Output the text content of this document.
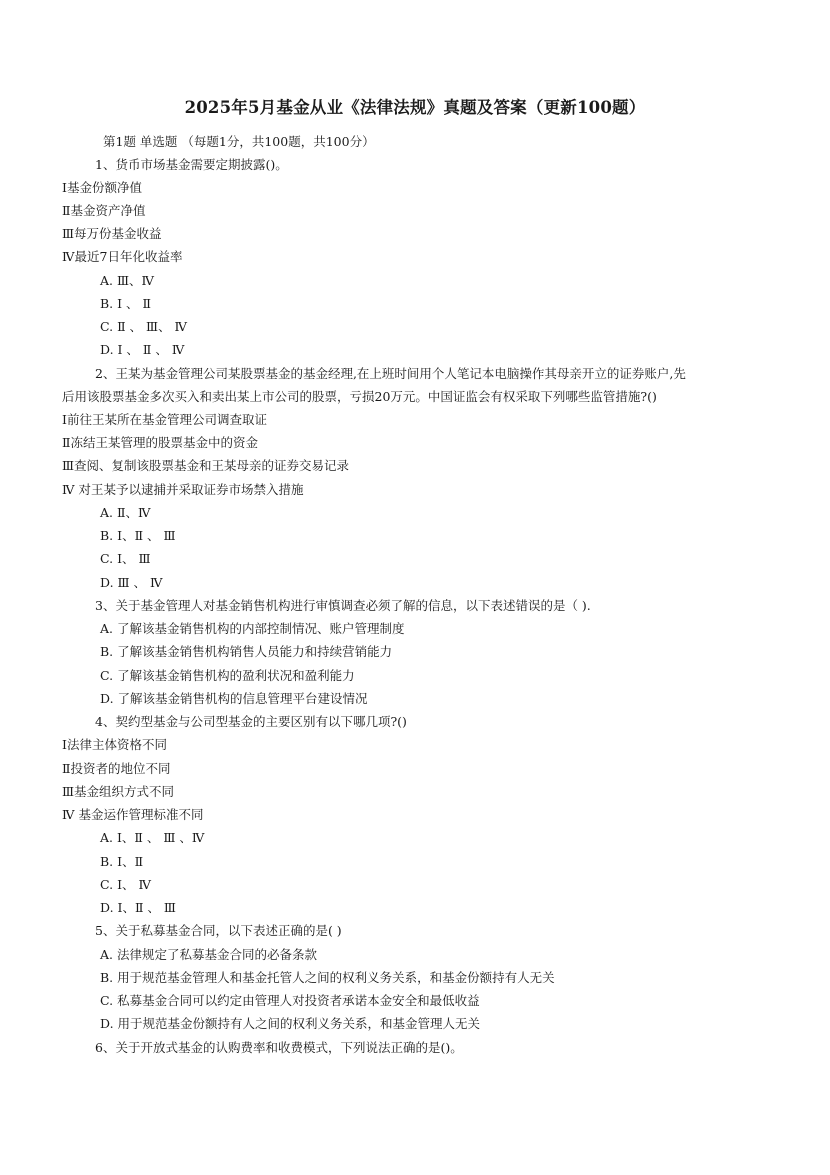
2025年5月基金从业《法律法规》真题及答案（更新100题）
第1题 单选题 （每题1分，共100题，共100分）
1、货币市场基金需要定期披露()。
Ⅰ基金份额净值
Ⅱ基金资产净值
Ⅲ每万份基金收益
Ⅳ最近7日年化收益率
A. Ⅲ、Ⅳ
B. Ⅰ 、 Ⅱ
C. Ⅱ 、 Ⅲ、 Ⅳ
D. Ⅰ 、 Ⅱ 、 Ⅳ
2、王某为基金管理公司某股票基金的基金经理,在上班时间用个人笔记本电脑操作其母亲开立的证券账户,先
后用该股票基金多次买入和卖出某上市公司的股票，亏损20万元。中国证监会有权采取下列哪些监管措施?()
Ⅰ前往王某所在基金管理公司调查取证
Ⅱ冻结王某管理的股票基金中的资金
Ⅲ查阅、复制该股票基金和王某母亲的证券交易记录
Ⅳ 对王某予以逮捕并采取证券市场禁入措施
A. Ⅱ、Ⅳ
B. Ⅰ、Ⅱ 、 Ⅲ
C. Ⅰ、 Ⅲ
D. Ⅲ 、 Ⅳ
3、关于基金管理人对基金销售机构进行审慎调查必须了解的信息，以下表述错误的是（ ).
A. 了解该基金销售机构的内部控制情况、账户管理制度
B. 了解该基金销售机构销售人员能力和持续营销能力
C. 了解该基金销售机构的盈利状况和盈利能力
D. 了解该基金销售机构的信息管理平台建设情况
4、契约型基金与公司型基金的主要区别有以下哪几项?()
Ⅰ法律主体资格不同
Ⅱ投资者的地位不同
Ⅲ基金组织方式不同
Ⅳ 基金运作管理标准不同
A. Ⅰ、Ⅱ 、 Ⅲ 、Ⅳ
B. Ⅰ、Ⅱ
C. Ⅰ、 Ⅳ
D. Ⅰ、Ⅱ 、 Ⅲ
5、关于私募基金合同，以下表述正确的是( )
A. 法律规定了私募基金合同的必备条款
B. 用于规范基金管理人和基金托管人之间的权利义务关系，和基金份额持有人无关
C. 私募基金合同可以约定由管理人对投资者承诺本金安全和最低收益
D. 用于规范基金份额持有人之间的权利义务关系，和基金管理人无关
6、关于开放式基金的认购费率和收费模式，下列说法正确的是()。
